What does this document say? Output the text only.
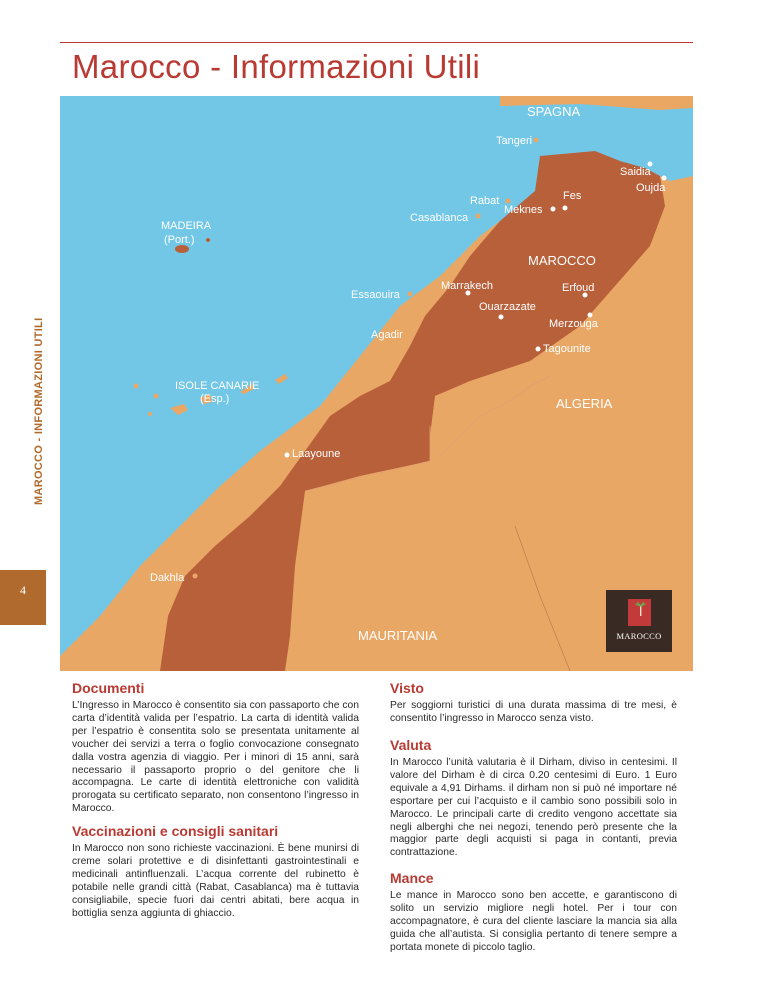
Marocco - Informazioni Utili
4
MAROCCO - INFORMAZIONI UTILI
SPAGNA
MAROCCO
ALGERIA
MAURITANIA
MADEIRA
(Port.)
ISOLE CANARIE
(Esp.)
Tangeri
Saidia
Oujda
Fes
Rabat
Meknes
Casablanca
Marrakech	Erfoud
Essaouira
Ouarzazate
Merzouga
Agadir
Tagounite
Laayoune
Dakhla
MAROCCO
Documenti

L’Ingresso in Marocco è consentito sia con passaporto che con carta d’identità valida per l’espatrio. La carta di identità valida per l’espatrio è consentita solo se presentata unitamente al voucher dei servizi a terra o foglio convocazione consegnato dalla vostra agenzia di viaggio. Per i minori di 15 anni, sarà necessario il passaporto proprio o del genitore che li accompagna. Le carte di identità elettroniche con validità prorogata su certificato separato, non consentono l’ingresso in Marocco.

Vaccinazioni e consigli sanitari

In Marocco non sono richieste vaccinazioni. È bene munirsi di creme solari protettive e di disinfettanti gastrointestinali e medicinali antinfluenzali. L’acqua corrente del rubinetto è potabile nelle grandi città (Rabat, Casablanca) ma è tuttavia consigliabile, specie fuori dai centri abitati, bere acqua in bottiglia senza aggiunta di ghiaccio.

Visto

Per soggiorni turistici di una durata massima di tre mesi, è consentito l’ingresso in Marocco senza visto.

Valuta

In Marocco l’unità valutaria è il Dirham, diviso in centesimi. Il valore del Dirham è di circa 0.20 centesimi di Euro. 1 Euro equivale a 4,91 Dirhams. il dirham non si può né importare né esportare per cui l’acquisto e il cambio sono possibili solo in Marocco. Le principali carte di credito vengono accettate sia negli alberghi che nei negozi, tenendo però presente che la maggior parte degli acquisti si paga in contanti, previa contrattazione.

Mance

Le mance in Marocco sono ben accette, e garantiscono di solito un servizio migliore negli hotel. Per i tour con accompagnatore, è cura del cliente lasciare la mancia sia alla guida che all’autista. Si consiglia pertanto di tenere sempre a portata monete di piccolo taglio.
